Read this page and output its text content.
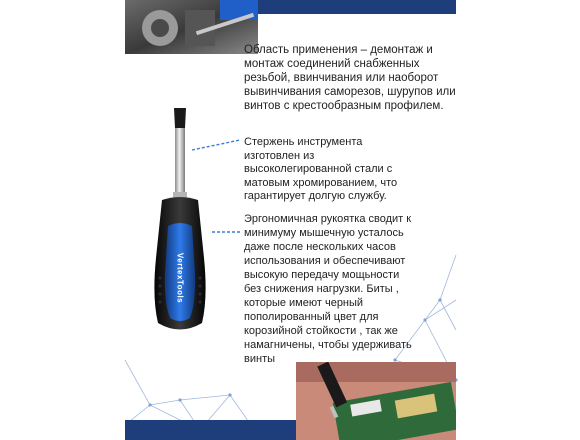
VertexTools
Область применения – демонтаж и монтаж соединений снабженных резьбой, ввинчивания или наоборот вывинчивания саморезов, шурупов или винтов с крестообразным профилем.
Стержень инструмента изготовлен из высоколегированной стали с матовым хромированием, что гарантирует долгую службу.
Эргономичная рукоятка сводит к минимуму мышечную усталось даже после нескольких часов использования и обеспечивают высокую передачу мощьности без снижения нагрузки. Биты , которые имеют черный пополированный цвет для корозийной стойкости , так же намагничены, чтобы удерживать винты
